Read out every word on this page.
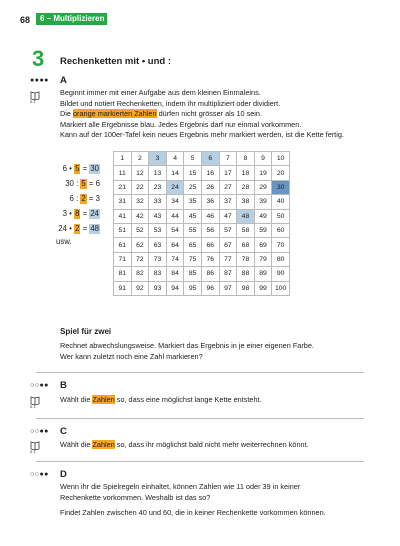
68	6 – Multiplizieren
3 Rechenketten mit • und :
●●●● A
6.1
Beginnt immer mit einer Aufgabe aus dem kleinen Einmaleins.
Bildet und notiert Rechenketten, indem ihr multipliziert oder dividiert.
Die orange markierten Zahlen dürfen nicht grösser als 10 sein.
Markiert alle Ergebnisse blau. Jedes Ergebnis darf nur einmal vorkommen.
Kann auf der 100er-Tafel kein neues Ergebnis mehr markiert werden, ist die Kette fertig.
6 • 5 = 30
30 : 5 = 6
6 : 2 = 3
3 • 8 = 24
24 • 2 = 48
usw.
1	2	3	4	5	6	7	8	9	10
11	12	13	14	15	16	17	18	19	20
21	22	23	24	25	26	27	28	29	30
31	32	33	34	35	36	37	38	39	40
41	42	43	44	45	46	47	48	49	50
51	52	53	54	55	56	57	58	59	60
61	62	63	64	65	66	67	68	69	70
71	72	73	74	75	76	77	78	79	80
81	82	83	84	85	86	87	88	89	90
91	92	93	94	95	96	97	98	99	100
Spiel für zwei
Rechnet abwechslungsweise. Markiert das Ergebnis in je einer eigenen Farbe.
Wer kann zuletzt noch eine Zahl markieren?
○○●● B
6.1
Wählt die Zahlen so, dass eine möglichst lange Kette entsteht.
○○●● C
6.1
Wählt die Zahlen so, dass ihr möglichst bald nicht mehr weiterrechnen könnt.
○○●● D
Wenn ihr die Spielregeln einhaltet, können Zahlen wie 11 oder 39 in keiner
Rechenkette vorkommen. Weshalb ist das so?
Findet Zahlen zwischen 40 und 60, die in keiner Rechenkette vorkommen können.
